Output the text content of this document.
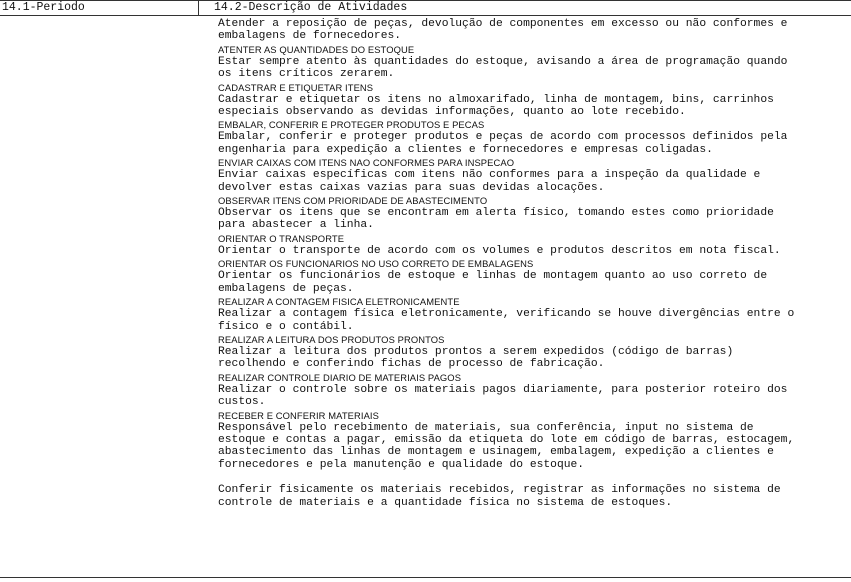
14.1-Periodo	14.2-Descrição de Atividades
Atender a reposição de peças, devolução de componentes em excesso ou não conformes e
embalagens de fornecedores.
ATENTER AS QUANTIDADES DO ESTOQUE
Estar sempre atento às quantidades do estoque, avisando a área de programação quando
os itens críticos zerarem.
CADASTRAR E ETIQUETAR ITENS
Cadastrar e etiquetar os itens no almoxarifado, linha de montagem, bins, carrinhos
especiais observando as devidas informações, quanto ao lote recebido.
EMBALAR, CONFERIR E PROTEGER PRODUTOS E PECAS
Embalar, conferir e proteger produtos e peças de acordo com processos definidos pela
engenharia para expedição a clientes e fornecedores e empresas coligadas.
ENVIAR CAIXAS COM ITENS NAO CONFORMES PARA INSPECAO
Enviar caixas específicas com itens não conformes para a inspeção da qualidade e
devolver estas caixas vazias para suas devidas alocações.
OBSERVAR ITENS COM PRIORIDADE DE ABASTECIMENTO
Observar os itens que se encontram em alerta físico, tomando estes como prioridade
para abastecer a linha.
ORIENTAR O TRANSPORTE
Orientar o transporte de acordo com os volumes e produtos descritos em nota fiscal.
ORIENTAR OS FUNCIONARIOS NO USO CORRETO DE EMBALAGENS
Orientar os funcionários de estoque e linhas de montagem quanto ao uso correto de
embalagens de peças.
REALIZAR A CONTAGEM FISICA ELETRONICAMENTE
Realizar a contagem física eletronicamente, verificando se houve divergências entre o
físico e o contábil.
REALIZAR A LEITURA DOS PRODUTOS PRONTOS
Realizar a leitura dos produtos prontos a serem expedidos (código de barras)
recolhendo e conferindo fichas de processo de fabricação.
REALIZAR CONTROLE DIARIO DE MATERIAIS PAGOS
Realizar o controle sobre os materiais pagos diariamente, para posterior roteiro dos
custos.
RECEBER E CONFERIR MATERIAIS
Responsável pelo recebimento de materiais, sua conferência, input no sistema de
estoque e contas a pagar, emissão da etiqueta do lote em código de barras, estocagem,
abastecimento das linhas de montagem e usinagem, embalagem, expedição a clientes e
fornecedores e pela manutenção e qualidade do estoque.
Conferir fisicamente os materiais recebidos, registrar as informações no sistema de
controle de materiais e a quantidade física no sistema de estoques.
